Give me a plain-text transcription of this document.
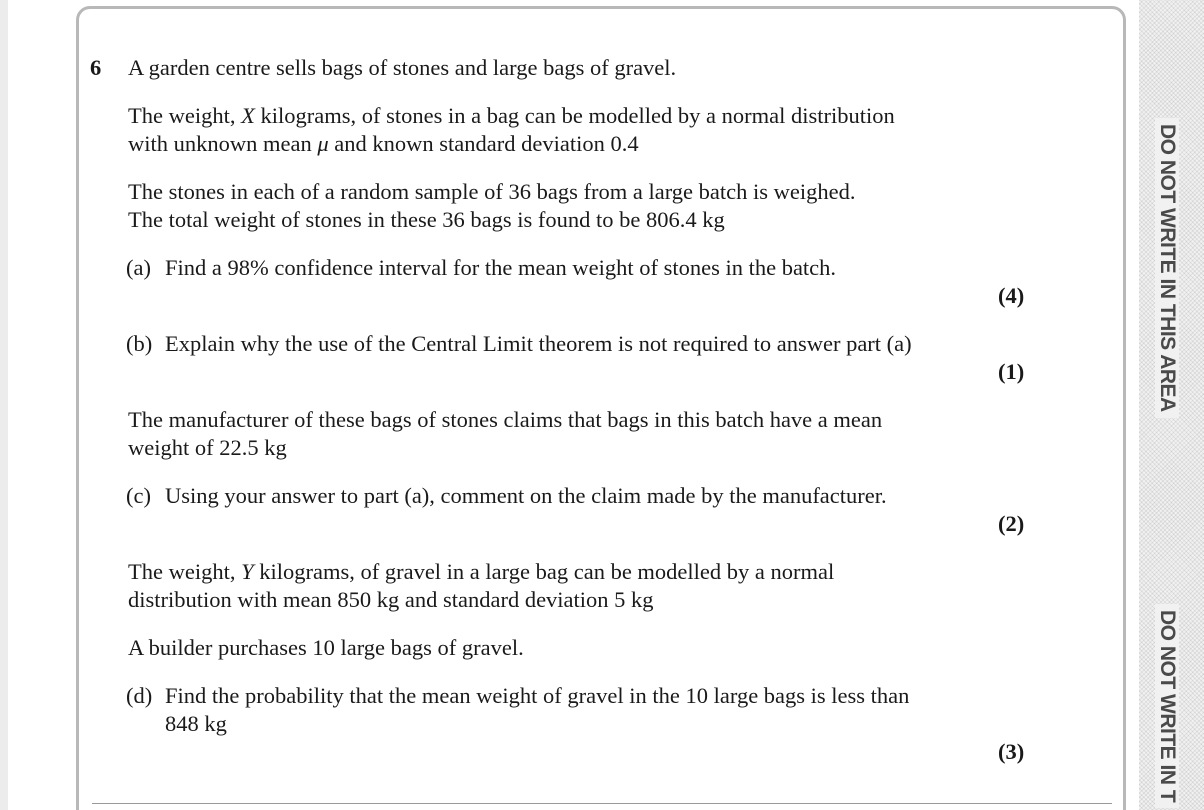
DO NOT WRITE IN THIS AREA
DO NOT WRITE IN T
6 A garden centre sells bags of stones and large bags of gravel.

The weight, X kilograms, of stones in a bag can be modelled by a normal distribution

with unknown mean μ and known standard deviation 0.4

The stones in each of a random sample of 36 bags from a large batch is weighed.

The total weight of stones in these 36 bags is found to be 806.4 kg

(a) Find a 98% confidence interval for the mean weight of stones in the batch.

(4)

(b) Explain why the use of the Central Limit theorem is not required to answer part (a)

(1)

The manufacturer of these bags of stones claims that bags in this batch have a mean

weight of 22.5 kg

(c) Using your answer to part (a), comment on the claim made by the manufacturer.

(2)

The weight, Y kilograms, of gravel in a large bag can be modelled by a normal

distribution with mean 850 kg and standard deviation 5 kg

A builder purchases 10 large bags of gravel.

(d) Find the probability that the mean weight of gravel in the 10 large bags is less than
848 kg

(3)
